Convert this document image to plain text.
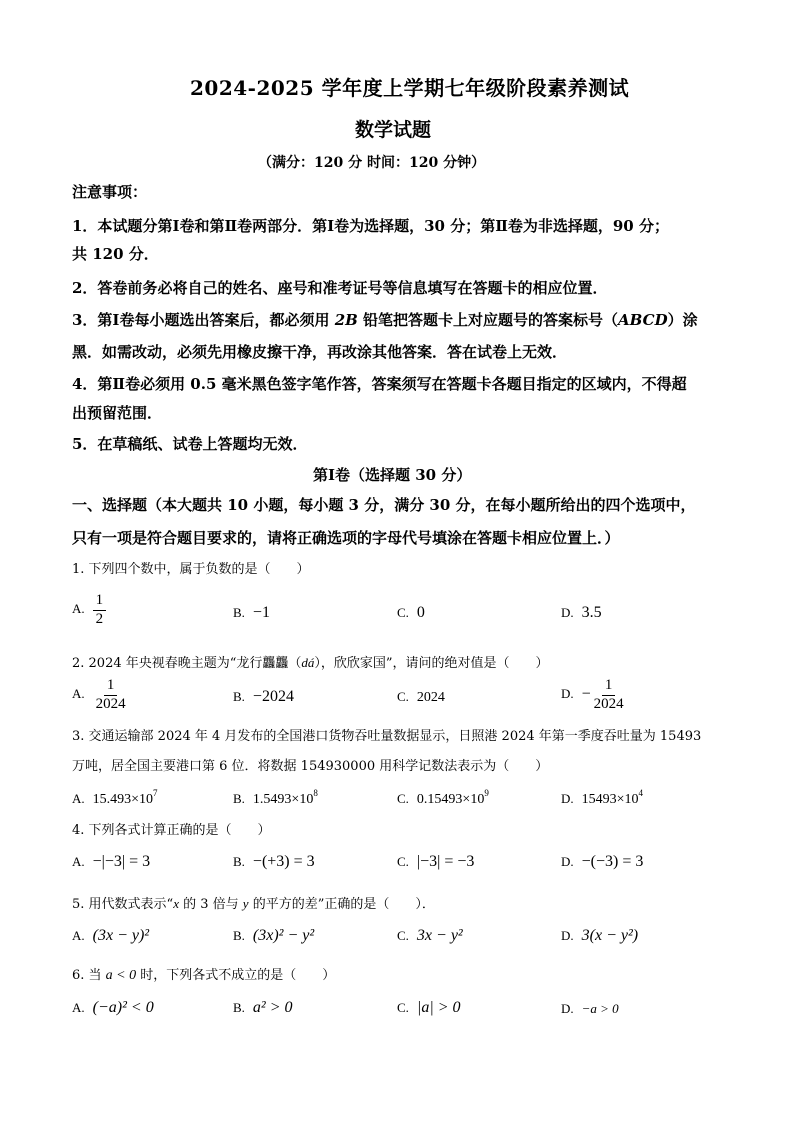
2024-2025 学年度上学期七年级阶段素养测试
数学试题
（满分：120 分 时间：120 分钟）
注意事项：
1．本试题分第Ⅰ卷和第Ⅱ卷两部分．第Ⅰ卷为选择题，30 分；第Ⅱ卷为非选择题，90 分；
共 120 分．
2．答卷前务必将自己的姓名、座号和准考证号等信息填写在答题卡的相应位置．
3．第Ⅰ卷每小题选出答案后，都必须用 2B 铅笔把答题卡上对应题号的答案标号（ABCD）涂
黑．如需改动，必须先用橡皮擦干净，再改涂其他答案．答在试卷上无效．
4．第Ⅱ卷必须用 0.5 毫米黑色签字笔作答，答案须写在答题卡各题目指定的区域内，不得超
出预留范围．
5．在草稿纸、试卷上答题均无效．
第Ⅰ卷（选择题 30 分）
一、选择题（本大题共 10 小题，每小题 3 分，满分 30 分，在每小题所给出的四个选项中，
只有一项是符合题目要求的，请将正确选项的字母代号填涂在答题卡相应位置上．）
1. 下列四个数中，属于负数的是（　　）
A. $\frac{1}{2}$	B. −1	C. 0	D. 3.5
2. 2024 年央视春晚主题为“龙行龘龘（dá），欣欣家国”，请问的绝对值是（　　）
A. $\frac{1}{2024}$	B. −2024	C. 2024	D. − $\frac{1}{2024}$
3. 交通运输部 2024 年 4 月发布的全国港口货物吞吐量数据显示，日照港 2024 年第一季度吞吐量为 15493
万吨，居全国主要港口第 6 位．将数据 154930000 用科学记数法表示为（　　）
A. $15.493\times 10^7$	B. $1.5493\times 10^8$	C. $0.15493\times 10^9$	D. $15493\times 10^4$
4. 下列各式计算正确的是（　　）
A. −|−3| = 3	B. −(+3) = 3	C. |−3| = −3	D. −(−3) = 3
5. 用代数式表示“x 的 3 倍与 y 的平方的差”正确的是（　　）．
A. (3x − y)²	B. (3x)² − y²	C. 3x − y²	D. 3(x − y²)
6. 当 a < 0 时，下列各式不成立的是（　　）
A. (−a)² < 0	B. a² > 0	C. |a| > 0	D. −a > 0
